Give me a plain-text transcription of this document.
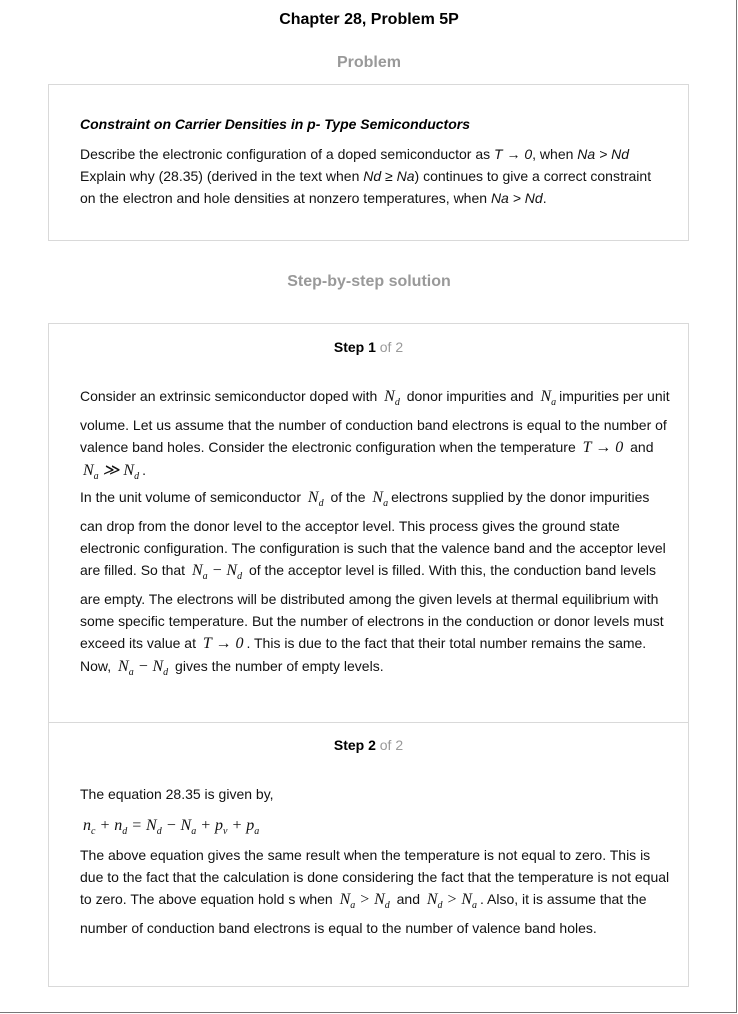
Chapter 28, Problem 5P
Problem
Constraint on Carrier Densities in p- Type Semiconductors
Describe the electronic configuration of a doped semiconductor as T → 0, when Na > Nd Explain why (28.35) (derived in the text when Nd ≥ Na) continues to give a correct constraint on the electron and hole densities at nonzero temperatures, when Na > Nd.
Step-by-step solution
Step 1 of 2

Consider an extrinsic semiconductor doped with $N_d$ donor impurities and $N_a$ impurities per unit volume. Let us assume that the number of conduction band electrons is equal to the number of valence band holes. Consider the electronic configuration when the temperature T → 0 and $N_a$ ≫ $N_d$ .

In the unit volume of semiconductor $N_d$ of the $N_a$ electrons supplied by the donor impurities can drop from the donor level to the acceptor level. This process gives the ground state electronic configuration. The configuration is such that the valence band and the acceptor level are filled. So that $N_a - N_d$ of the acceptor level is filled. With this, the conduction band levels are empty. The electrons will be distributed among the given levels at thermal equilibrium with some specific temperature. But the number of electrons in the conduction or donor levels must exceed its value at T → 0 . This is due to the fact that their total number remains the same. Now, $N_a - N_d$ gives the number of empty levels.

Step 2 of 2

The equation 28.35 is given by,

$n_c + n_d = N_d - N_a + p_v + p_a$

The above equation gives the same result when the temperature is not equal to zero. This is due to the fact that the calculation is done considering the fact that the temperature is not equal to zero. The above equation hold s when $N_a > N_d$ and $N_d > N_a$ . Also, it is assume that the number of conduction band electrons is equal to the number of valence band holes.
